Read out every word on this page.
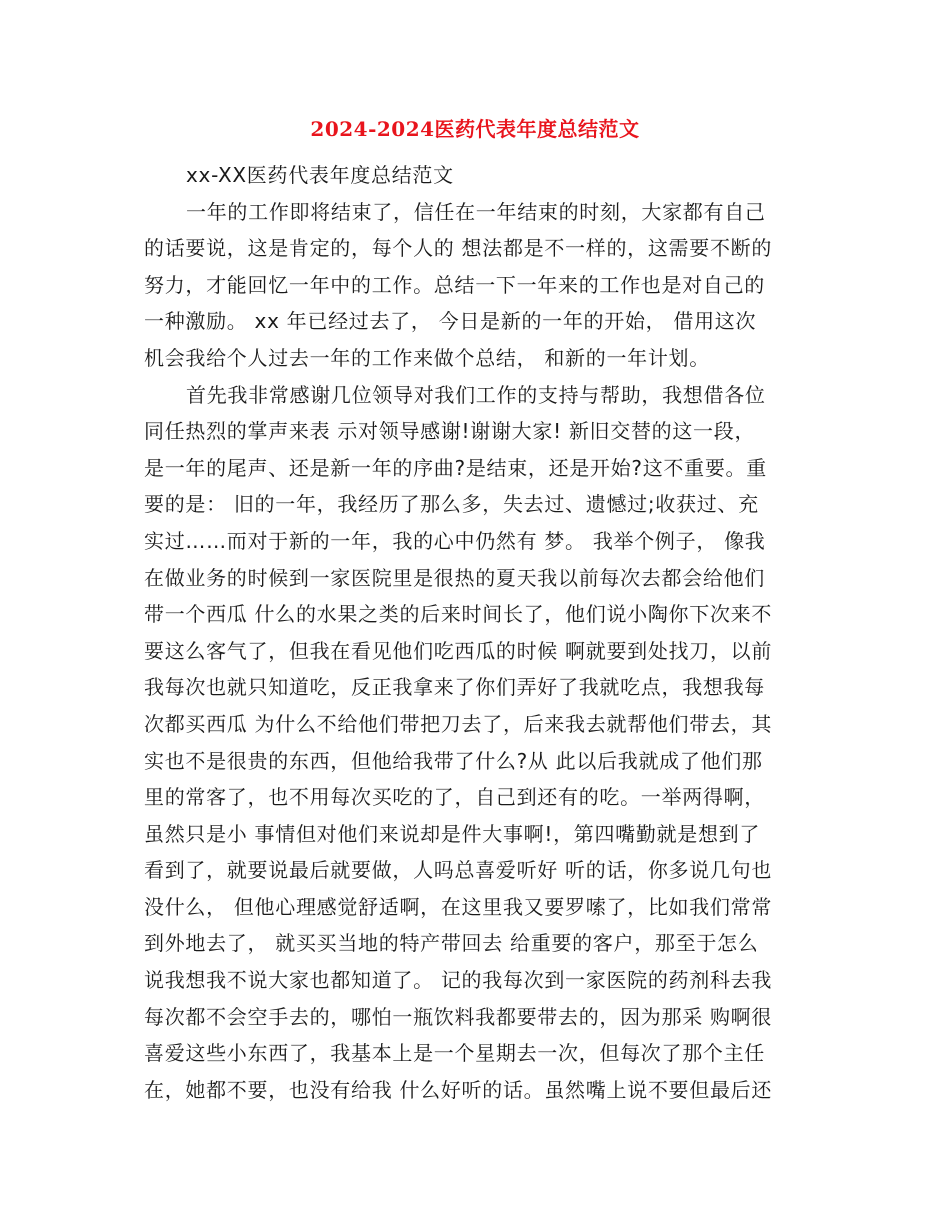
2024-2024医药代表年度总结范文
xx-XX医药代表年度总结范文
一年的工作即将结束了，信任在一年结束的时刻，大家都有自己
的话要说，这是肯定的，每个人的 想法都是不一样的，这需要不断的
努力，才能回忆一年中的工作。总结一下一年来的工作也是对自己的
一种激励。 xx 年已经过去了， 今日是新的一年的开始， 借用这次
机会我给个人过去一年的工作来做个总结， 和新的一年计划。
首先我非常感谢几位领导对我们工作的支持与帮助，我想借各位
同任热烈的掌声来表 示对领导感谢!谢谢大家! 新旧交替的这一段，
是一年的尾声、还是新一年的序曲?是结束，还是开始?这不重要。重
要的是： 旧的一年，我经历了那么多，失去过、遗憾过;收获过、充
实过……而对于新的一年，我的心中仍然有 梦。 我举个例子， 像我
在做业务的时候到一家医院里是很热的夏天我以前每次去都会给他们
带一个西瓜 什么的水果之类的后来时间长了，他们说小陶你下次来不
要这么客气了，但我在看见他们吃西瓜的时候 啊就要到处找刀，以前
我每次也就只知道吃，反正我拿来了你们弄好了我就吃点，我想我每
次都买西瓜 为什么不给他们带把刀去了，后来我去就帮他们带去，其
实也不是很贵的东西，但他给我带了什么?从 此以后我就成了他们那
里的常客了，也不用每次买吃的了，自己到还有的吃。一举两得啊，
虽然只是小 事情但对他们来说却是件大事啊!，第四嘴勤就是想到了
看到了，就要说最后就要做，人吗总喜爱听好 听的话，你多说几句也
没什么， 但他心理感觉舒适啊，在这里我又要罗嗦了，比如我们常常
到外地去了， 就买买当地的特产带回去 给重要的客户，那至于怎么
说我想我不说大家也都知道了。 记的我每次到一家医院的药剂科去我
每次都不会空手去的，哪怕一瓶饮料我都要带去的，因为那采 购啊很
喜爱这些小东西了，我基本上是一个星期去一次，但每次了那个主任
在，她都不要，也没有给我 什么好听的话。虽然嘴上说不要但最后还
